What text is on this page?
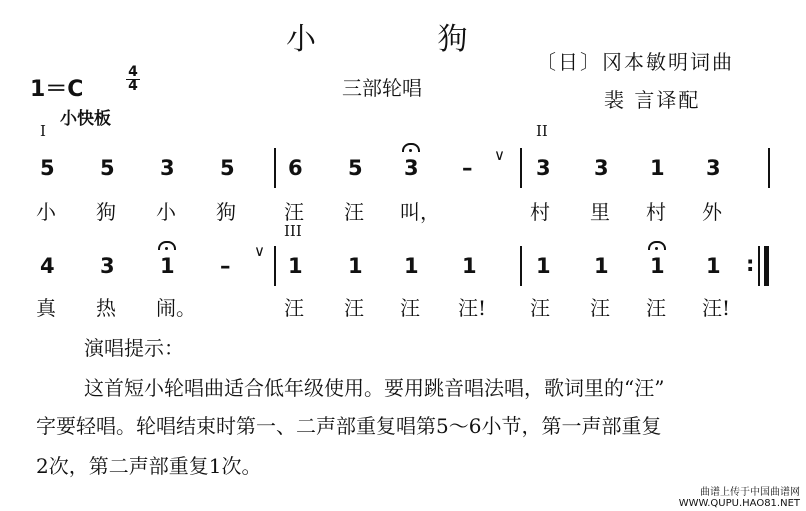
小 狗
〔日〕冈本敏明词曲
裴 言译配
1＝C
4
4	三部轮唱
小快板
I	II
III
5 5 3 5	6 5 3 –
∨
3 3 1 3
小 狗 小 狗 汪 汪 叫，	村 里 村 外
4 3 1 –
∨
1 1 1 1	1 1 1 1 :
真 热 闹。	汪 汪 汪 汪! 汪 汪 汪 汪!
演唱提示：
这首短小轮唱曲适合低年级使用。要用跳音唱法唱，歌词里的“汪”
字要轻唱。轮唱结束时第一、二声部重复唱第5～6小节，第一声部重复
2次，第二声部重复1次。
曲谱上传于中国曲谱网
WWW.QUPU.HAO81.NET
